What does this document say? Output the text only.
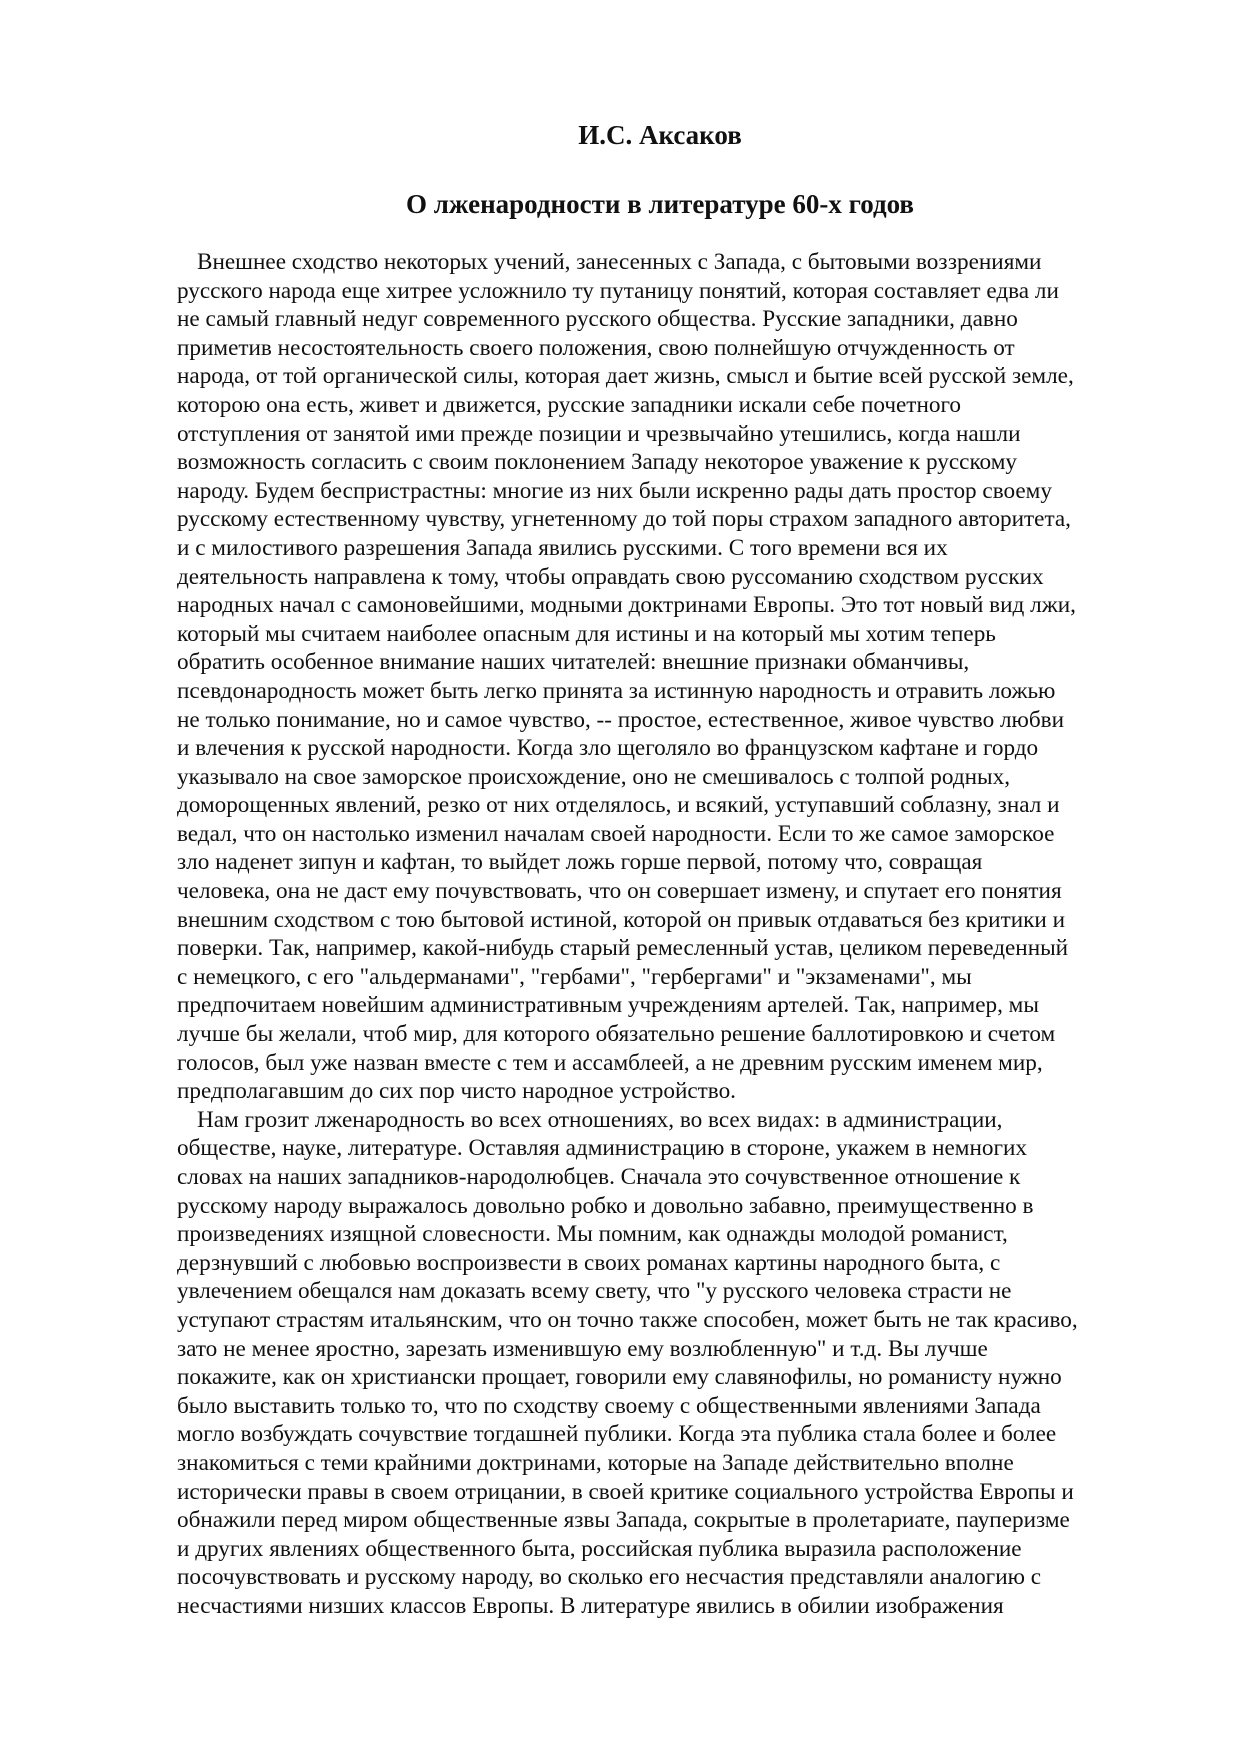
И.С. Аксаков
О лженародности в литературе 60-х годов
Внешнее сходство некоторых учений, занесенных с Запада, с бытовыми воззрениями
русского народа еще хитрее усложнило ту путаницу понятий, которая составляет едва ли
не самый главный недуг современного русского общества. Русские западники, давно
приметив несостоятельность своего положения, свою полнейшую отчужденность от
народа, от той органической силы, которая дает жизнь, смысл и бытие всей русской земле,
которою она есть, живет и движется, русские западники искали себе почетного
отступления от занятой ими прежде позиции и чрезвычайно утешились, когда нашли
возможность согласить с своим поклонением Западу некоторое уважение к русскому
народу. Будем беспристрастны: многие из них были искренно рады дать простор своему
русскому естественному чувству, угнетенному до той поры страхом западного авторитета,
и с милостивого разрешения Запада явились русскими. С того времени вся их
деятельность направлена к тому, чтобы оправдать свою руссоманию сходством русских
народных начал с самоновейшими, модными доктринами Европы. Это тот новый вид лжи,
который мы считаем наиболее опасным для истины и на который мы хотим теперь
обратить особенное внимание наших читателей: внешние признаки обманчивы,
псевдонародность может быть легко принята за истинную народность и отравить ложью
не только понимание, но и самое чувство, -- простое, естественное, живое чувство любви
и влечения к русской народности. Когда зло щеголяло во французском кафтане и гордо
указывало на свое заморское происхождение, оно не смешивалось с толпой родных,
доморощенных явлений, резко от них отделялось, и всякий, уступавший соблазну, знал и
ведал, что он настолько изменил началам своей народности. Если то же самое заморское
зло наденет зипун и кафтан, то выйдет ложь горше первой, потому что, совращая
человека, она не даст ему почувствовать, что он совершает измену, и спутает его понятия
внешним сходством с тою бытовой истиной, которой он привык отдаваться без критики и
поверки. Так, например, какой-нибудь старый ремесленный устав, целиком переведенный
с немецкого, с его "альдерманами", "гербами", "гербергами" и "экзаменами", мы
предпочитаем новейшим административным учреждениям артелей. Так, например, мы
лучше бы желали, чтоб мир, для которого обязательно решение баллотировкою и счетом
голосов, был уже назван вместе с тем и ассамблеей, а не древним русским именем мир,
предполагавшим до сих пор чисто народное устройство.
Нам грозит лженародность во всех отношениях, во всех видах: в администрации,
обществе, науке, литературе. Оставляя администрацию в стороне, укажем в немногих
словах на наших западников-народолюбцев. Сначала это сочувственное отношение к
русскому народу выражалось довольно робко и довольно забавно, преимущественно в
произведениях изящной словесности. Мы помним, как однажды молодой романист,
дерзнувший с любовью воспроизвести в своих романах картины народного быта, с
увлечением обещался нам доказать всему свету, что "у русского человека страсти не
уступают страстям итальянским, что он точно также способен, может быть не так красиво,
зато не менее яростно, зарезать изменившую ему возлюбленную" и т.д. Вы лучше
покажите, как он христиански прощает, говорили ему славянофилы, но романисту нужно
было выставить только то, что по сходству своему с общественными явлениями Запада
могло возбуждать сочувствие тогдашней публики. Когда эта публика стала более и более
знакомиться с теми крайними доктринами, которые на Западе действительно вполне
исторически правы в своем отрицании, в своей критике социального устройства Европы и
обнажили перед миром общественные язвы Запада, сокрытые в пролетариате, пауперизме
и других явлениях общественного быта, российская публика выразила расположение
посочувствовать и русскому народу, во сколько его несчастия представляли аналогию с
несчастиями низших классов Европы. В литературе явились в обилии изображения
